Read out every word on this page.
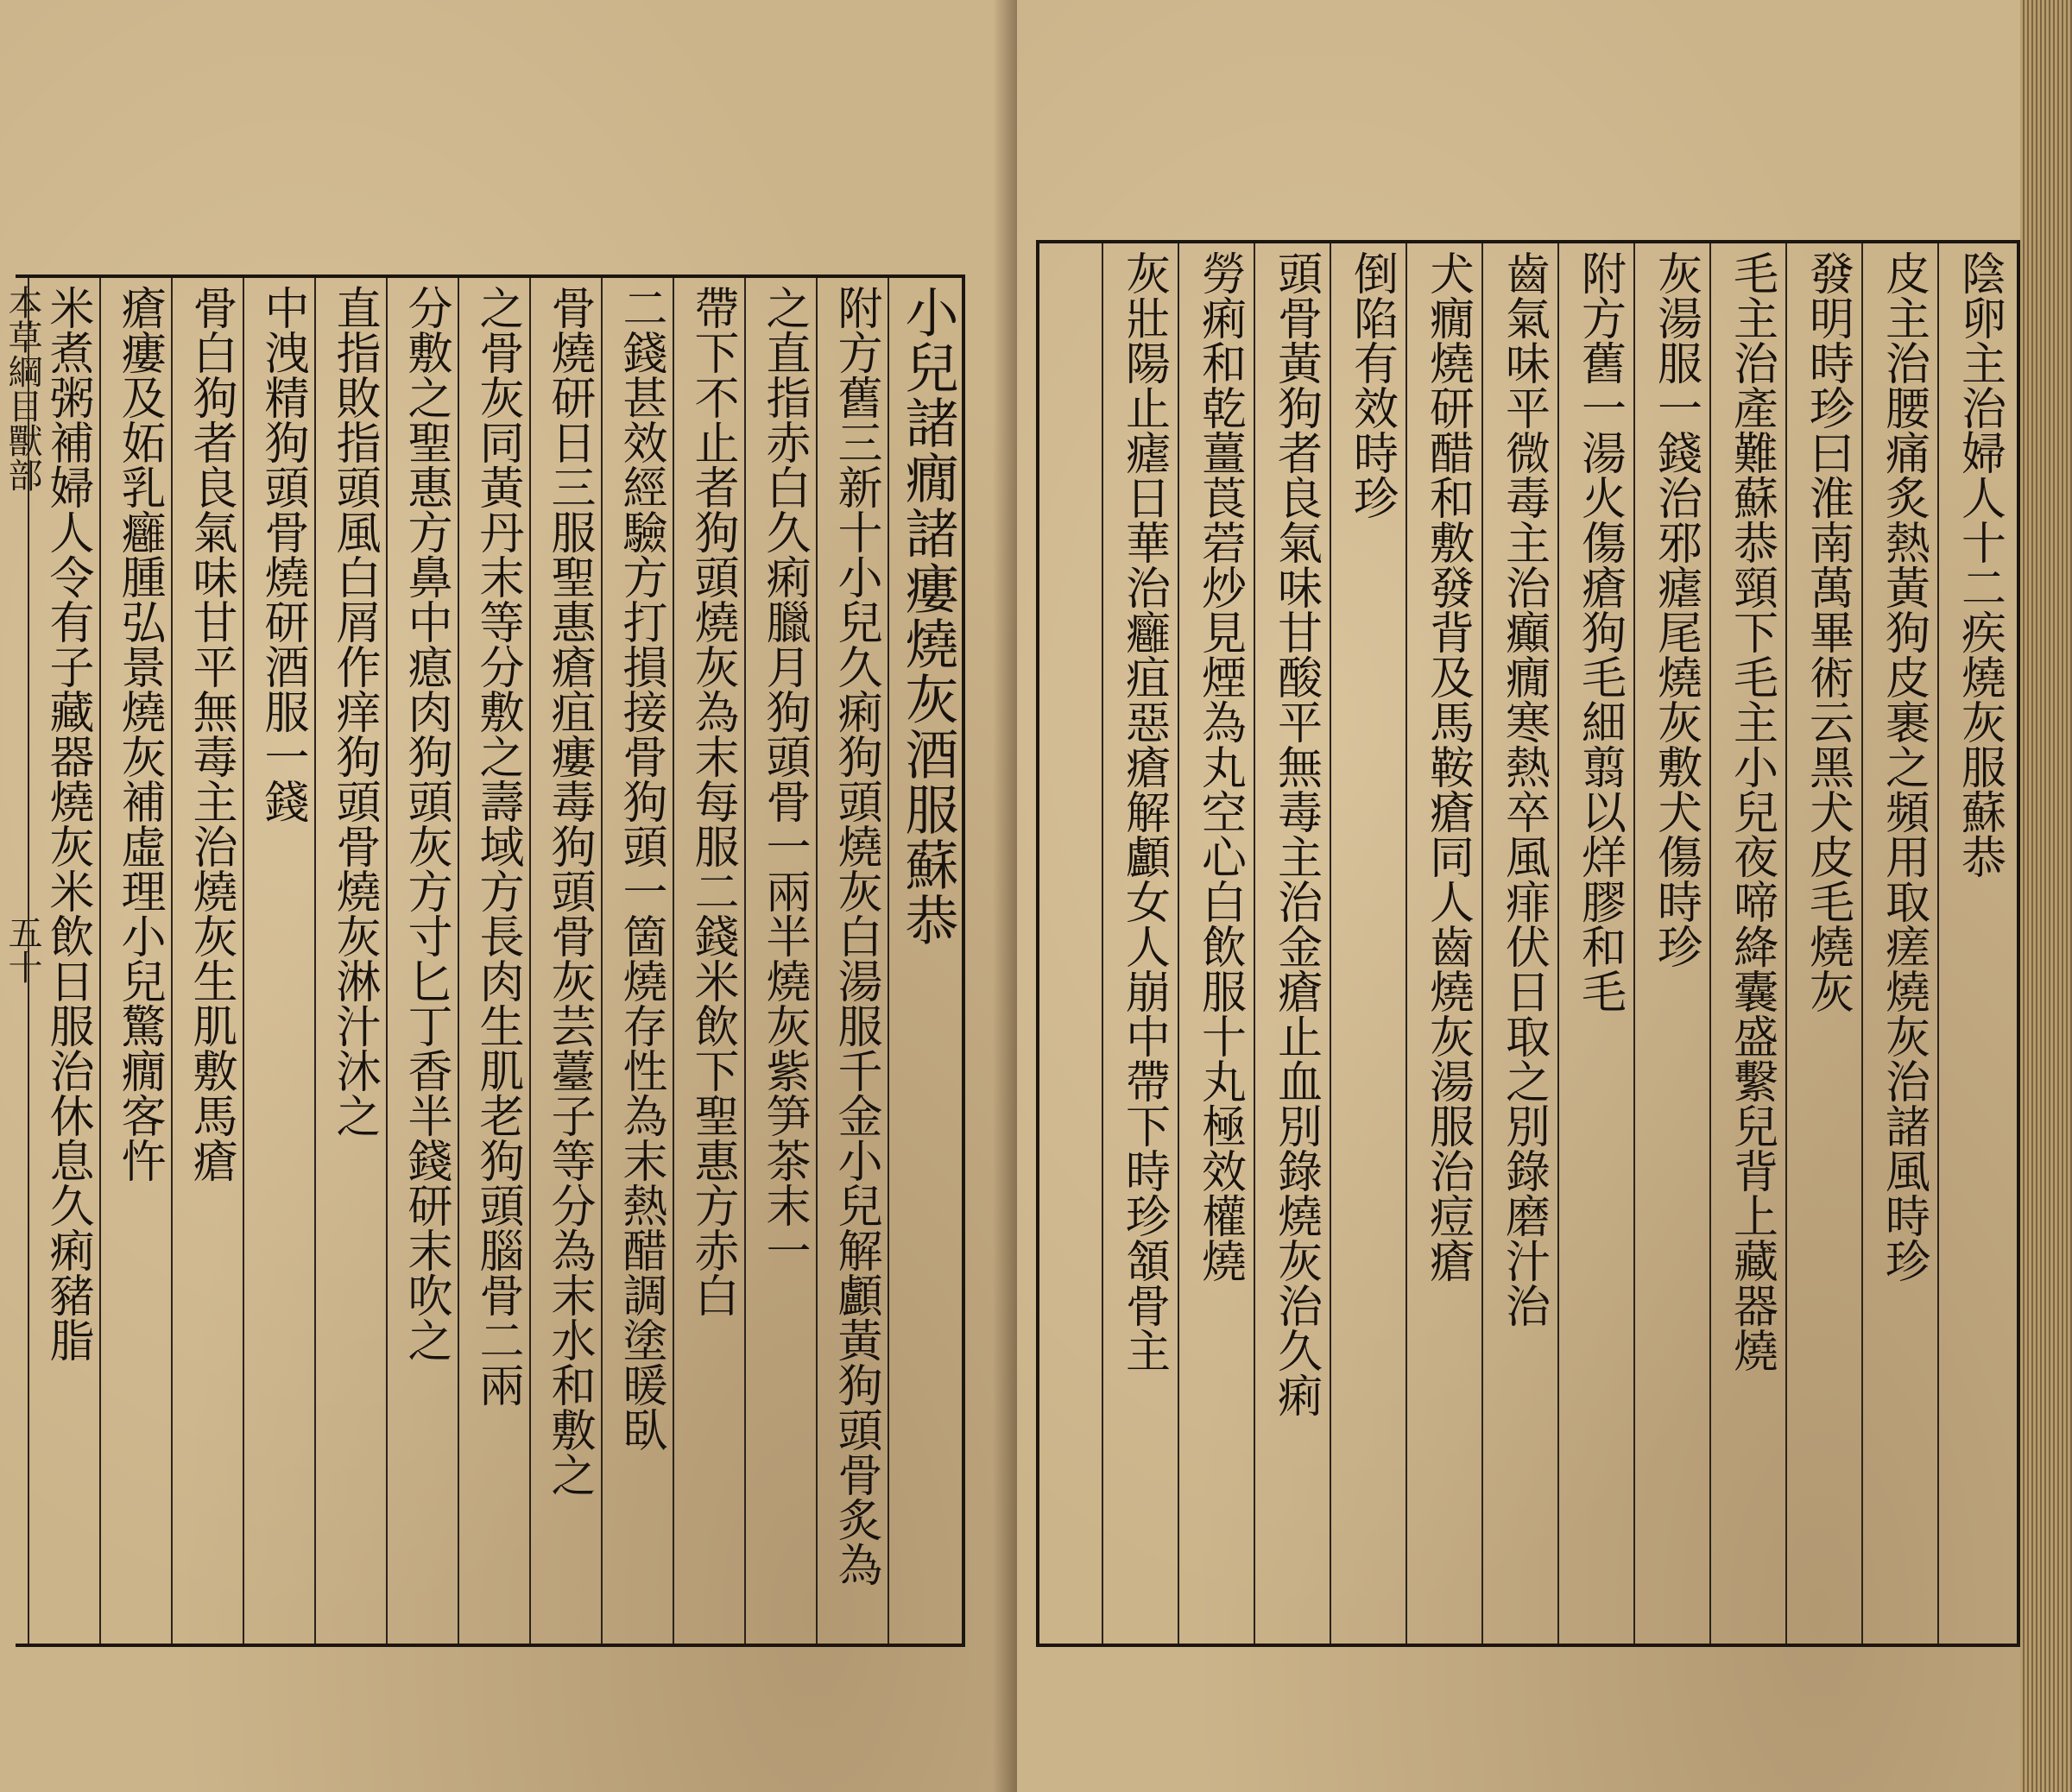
本草綱目獸部
五十
小兒諸癇諸瘻燒灰酒服蘇恭
附方舊三新十小兒久痢狗頭燒灰白湯服千金小兒解顱黃狗頭骨炙為
之直指赤白久痢臘月狗頭骨一兩半燒灰紫笋茶末一
帶下不止者狗頭燒灰為末每服二錢米飲下聖惠方赤白
二錢甚效經驗方打損接骨狗頭一箇燒存性為末熱醋調塗暖臥
骨燒研日三服聖惠瘡疽瘻毒狗頭骨灰芸薹子等分為末水和敷之
之骨灰同黃丹末等分敷之壽域方長肉生肌老狗頭腦骨二兩
分敷之聖惠方鼻中瘜肉狗頭灰方寸匕丁香半錢研末吹之
直指敗指頭風白屑作痒狗頭骨燒灰淋汁沐之
中洩精狗頭骨燒研酒服一錢
骨白狗者良氣味甘平無毒主治燒灰生肌敷馬瘡
瘡瘻及妬乳癰腫弘景燒灰補虛理小兒驚癇客忤
米煮粥補婦人令有子藏器燒灰米飲日服治休息久痢豬脂	陰卵主治婦人十二疾燒灰服蘇恭
皮主治腰痛炙熱黃狗皮裹之頻用取瘥燒灰治諸風時珍
發明時珍曰淮南萬畢術云黑犬皮毛燒灰
毛主治產難蘇恭頸下毛主小兒夜啼絳囊盛繫兒背上藏器燒
灰湯服一錢治邪瘧尾燒灰敷犬傷時珍
附方舊一湯火傷瘡狗毛細翦以烊膠和毛
齒氣味平微毒主治癲癇寒熱卒風痱伏日取之別錄磨汁治
犬癇燒研醋和敷發背及馬鞍瘡同人齒燒灰湯服治痘瘡
倒陷有效時珍
頭骨黃狗者良氣味甘酸平無毒主治金瘡止血別錄燒灰治久痢
勞痢和乾薑莨菪炒見煙為丸空心白飲服十丸極效權燒
灰壯陽止瘧日華治癰疽惡瘡解顱女人崩中帶下時珍頷骨主
